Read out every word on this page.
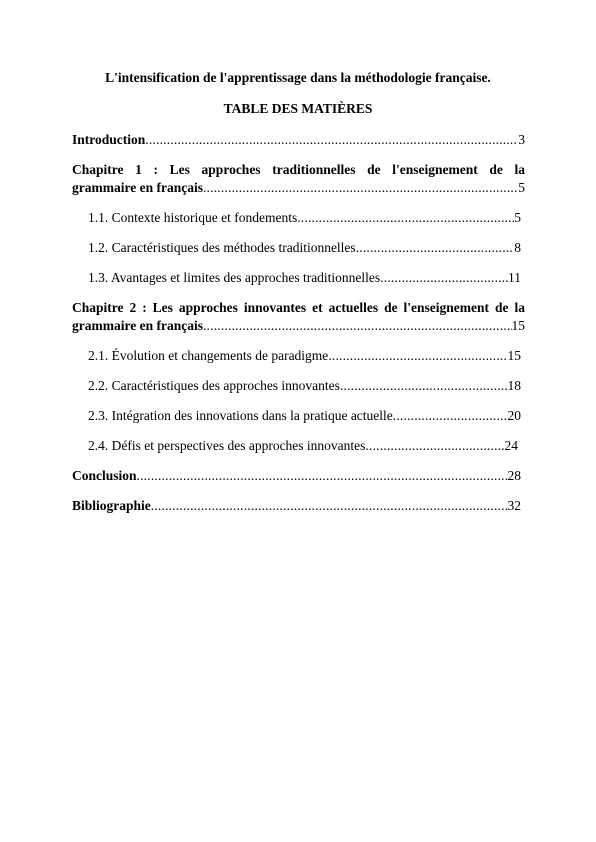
L'intensification de l'apprentissage dans la méthodologie française.
TABLE DES MATIÈRES
Introduction .....	3
Chapitre 1 : Les approches traditionnelles de l'enseignement de la
grammaire en français .....	5
1.1. Contexte historique et fondements .....	5
1.2. Caractéristiques des méthodes traditionnelles .....	8
1.3. Avantages et limites des approches traditionnelles .....	11
Chapitre 2 : Les approches innovantes et actuelles de l'enseignement de la
grammaire en français .....	15
2.1. Évolution et changements de paradigme .....	15
2.2. Caractéristiques des approches innovantes .....	18
2.3. Intégration des innovations dans la pratique actuelle .....	20
2.4. Défis et perspectives des approches innovantes .....	24
Conclusion .....	28
Bibliographie .....	32
